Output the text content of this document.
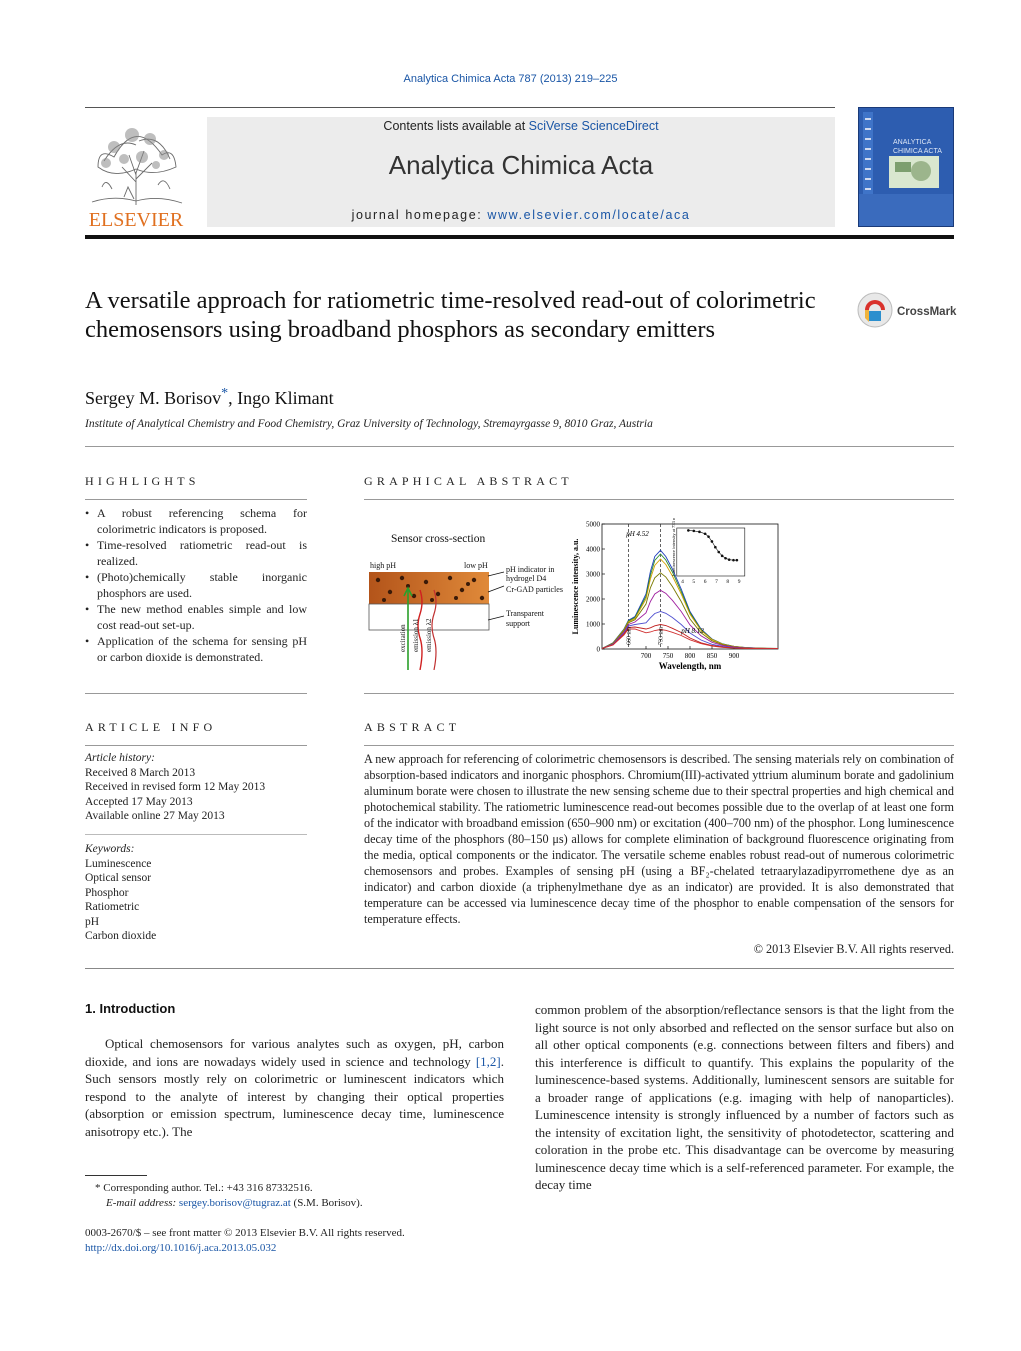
Analytica Chimica Acta 787 (2013) 219–225
ELSEVIER
Contents lists available at SciVerse ScienceDirect
Analytica Chimica Acta
journal homepage: www.elsevier.com/locate/aca
ANALYTICA
CHIMICA ACTA
A versatile approach for ratiometric time-resolved read-out of colorimetric chemosensors using broadband phosphors as secondary emitters
CrossMark
Sergey M. Borisov*, Ingo Klimant
Institute of Analytical Chemistry and Food Chemistry, Graz University of Technology, Stremayrgasse 9, 8010 Graz, Austria
HIGHLIGHTS
• A robust referencing schema for colorimetric indicators is proposed.
• Time-resolved ratiometric read-out is realized.
• (Photo)chemically stable inorganic phosphors are used.
• The new method enables simple and low cost read-out set-up.
• Application of the schema for sensing pH or carbon dioxide is demonstrated.
GRAPHICAL ABSTRACT
Sensor cross-section
high pH	low pH
excitation emission λ1 emission λ2
pH indicator in
hydrogel D4
Cr-GAD particles
Transparent
support
0
1000
2000
3000
4000
5000
700	800	900
750	850
Wavelength, nm
Luminescence intensity, a.u.
pH 4.52
pH 8.12
660 nm	733 nm
4 5 6 7 8 9
Luminescence intensity at 733 nm
ARTICLE INFO
Article history:
Received 8 March 2013
Received in revised form 12 May 2013
Accepted 17 May 2013
Available online 27 May 2013
Keywords:
Luminescence
Optical sensor
Phosphor
Ratiometric
pH
Carbon dioxide
ABSTRACT
A new approach for referencing of colorimetric chemosensors is described. The sensing materials rely on combination of absorption-based indicators and inorganic phosphors. Chromium(III)-activated yttrium aluminum borate and gadolinium aluminum borate were chosen to illustrate the new sensing scheme due to their spectral properties and high chemical and photochemical stability. The ratiometric luminescence read-out becomes possible due to the overlap of at least one form of the indicator with broadband emission (650–900 nm) or excitation (400–700 nm) of the phosphor. Long luminescence decay time of the phosphors (80–150 μs) allows for complete elimination of background fluorescence originating from the media, optical components or the indicator. The versatile scheme enables robust read-out of numerous colorimetric chemosensors and probes. Examples of sensing pH (using a BF₂-chelated tetraarylazadipyrromethene dye as an indicator) and carbon dioxide (a triphenylmethane dye as an indicator) are provided. It is also demonstrated that temperature can be accessed via luminescence decay time of the phosphor to enable compensation of the sensors for temperature effects.
© 2013 Elsevier B.V. All rights reserved.
1. Introduction
Optical chemosensors for various analytes such as oxygen, pH, carbon dioxide, and ions are nowadays widely used in science and technology [1,2]. Such sensors mostly rely on colorimetric or luminescent indicators which respond to the analyte of interest by changing their optical properties (absorption or emission spectrum, luminescence decay time, luminescence anisotropy etc.). The
common problem of the absorption/reflectance sensors is that the light from the light source is not only absorbed and reflected on the sensor surface but also on all other optical components (e.g. connections between filters and fibers) and this interference is difficult to quantify. This explains the popularity of the luminescence-based systems. Additionally, luminescent sensors are suitable for a broader range of applications (e.g. imaging with help of nanoparticles). Luminescence intensity is strongly influenced by a number of factors such as the intensity of excitation light, the sensitivity of photodetector, scattering and coloration in the probe etc. This disadvantage can be overcome by measuring luminescence decay time which is a self-referenced parameter. For example, the decay time
* Corresponding author. Tel.: +43 316 87332516.
E-mail address: sergey.borisov@tugraz.at (S.M. Borisov).
0003-2670/$ – see front matter © 2013 Elsevier B.V. All rights reserved.
http://dx.doi.org/10.1016/j.aca.2013.05.032
